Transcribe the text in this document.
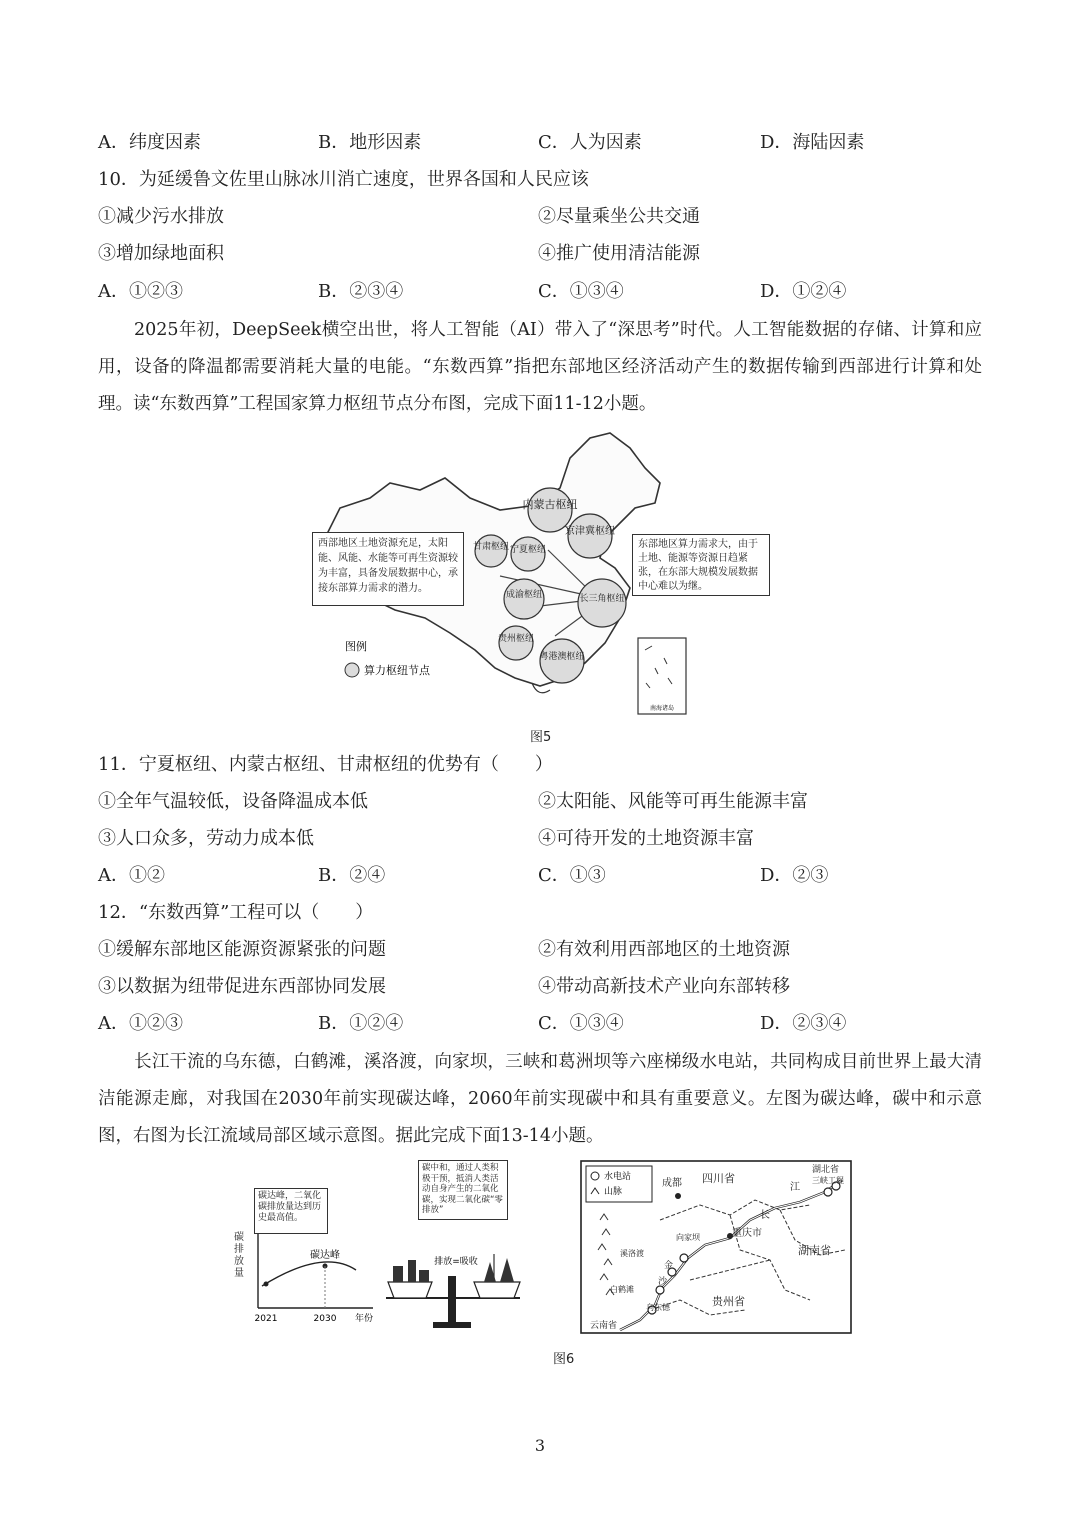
A．纬度因素	B．地形因素	C．人为因素	D．海陆因素
10．为延缓鲁文佐里山脉冰川消亡速度，世界各国和人民应该
①减少污水排放	②尽量乘坐公共交通
③增加绿地面积	④推广使用清洁能源
A．①②③	B．②③④	C．①③④	D．①②④
2025年初，DeepSeek横空出世，将人工智能（AI）带入了“深思考”时代。人工智能数据的存储、计算和应用，设备的降温都需要消耗大量的电能。“东数西算”指把东部地区经济活动产生的数据传输到西部进行计算和处理。读“东数西算”工程国家算力枢纽节点分布图，完成下面11-12小题。
南海诸岛
内蒙古枢纽
京津冀枢纽
甘肃枢纽 宁夏枢纽
成渝枢纽	长三角枢纽
贵州枢纽
粤港澳枢纽
图例
算力枢纽节点
西部地区土地资源充足，太阳能、风能、水能等可再生资源较为丰富，具备发展数据中心，承接东部算力需求的潜力。
东部地区算力需求大，由于土地、能源等资源日趋紧张，在东部大规模发展数据中心难以为继。
图5
11．宁夏枢纽、内蒙古枢纽、甘肃枢纽的优势有（　　）
①全年气温较低，设备降温成本低	②太阳能、风能等可再生能源丰富
③人口众多，劳动力成本低	④可待开发的土地资源丰富
A．①②	B．②④	C．①③	D．②③
12．“东数西算”工程可以（　　）
①缓解东部地区能源资源紧张的问题	②有效利用西部地区的土地资源
③以数据为纽带促进东西部协同发展	④带动高新技术产业向东部转移
A．①②③	B．①②④	C．①③④	D．②③④
长江干流的乌东德，白鹤滩，溪洛渡，向家坝，三峡和葛洲坝等六座梯级水电站，共同构成目前世界上最大清洁能源走廊，对我国在2030年前实现碳达峰，2060年前实现碳中和具有重要意义。左图为碳达峰，碳中和示意图，右图为长江流域局部区域示意图。据此完成下面13-14小题。
碳达峰
2021	2030 年份
排放=吸收
碳达峰，二氧化碳排放量达到历史最高值。
碳中和，通过人类积极干预，抵消人类活动自身产生的二氧化碳，实现二氧化碳“零排放”
碳排放量
水电站
山脉
成都 四川省
湖北省
三峡工程
江
长
重庆市
湖南省
向家坝
溪洛渡
金
沙
白鹤滩
乌东德	贵州省
云南省
图6
3
